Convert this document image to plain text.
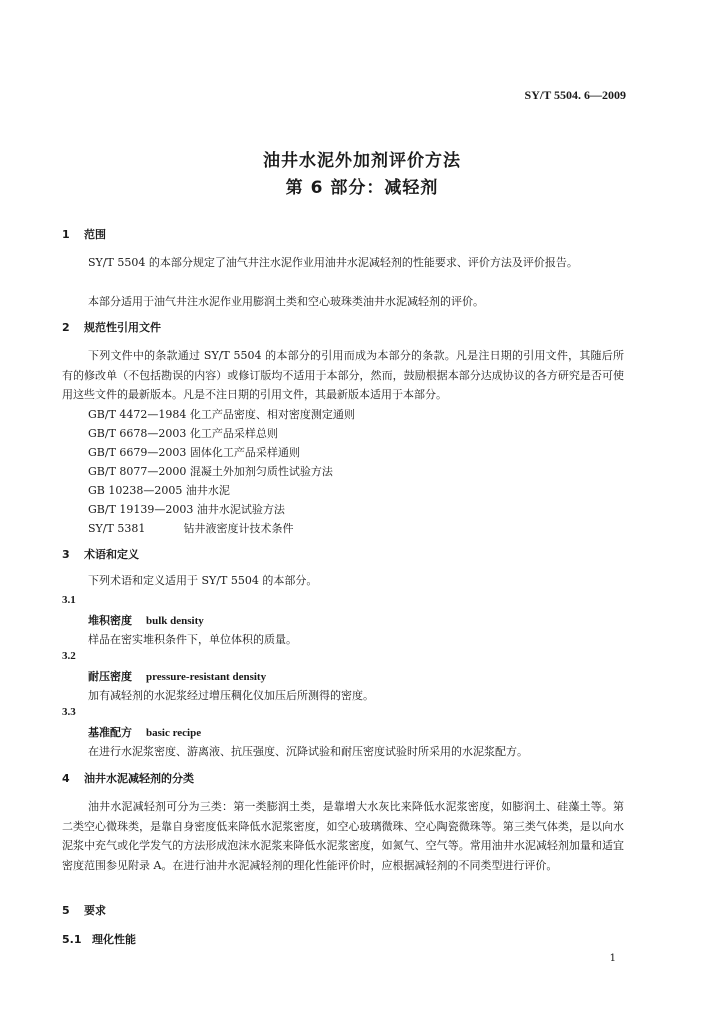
SY/T 5504. 6—2009
油井水泥外加剂评价方法
第 6 部分：减轻剂
1 范围

SY/T 5504 的本部分规定了油气井注水泥作业用油井水泥减轻剂的性能要求、评价方法及评价报告。

本部分适用于油气井注水泥作业用膨润土类和空心玻珠类油井水泥减轻剂的评价。

2 规范性引用文件

下列文件中的条款通过 SY/T 5504 的本部分的引用而成为本部分的条款。凡是注日期的引用文件，其随后所有的修改单（不包括勘误的内容）或修订版均不适用于本部分，然而，鼓励根据本部分达成协议的各方研究是否可使用这些文件的最新版本。凡是不注日期的引用文件，其最新版本适用于本部分。

GB/T 4472—1984 化工产品密度、相对密度测定通则
GB/T 6678—2003 化工产品采样总则
GB/T 6679—2003 固体化工产品采样通则
GB/T 8077—2000 混凝土外加剂匀质性试验方法
GB 10238—2005 油井水泥
GB/T 19139—2003 油井水泥试验方法
SY/T 5381	钻井液密度计技术条件
3 术语和定义

下列术语和定义适用于 SY/T 5504 的本部分。

3.1
堆积密度 bulk density
样品在密实堆积条件下，单位体积的质量。
3.2
耐压密度 pressure-resistant density
加有减轻剂的水泥浆经过增压稠化仪加压后所测得的密度。
3.3
基准配方 basic recipe
在进行水泥浆密度、游离液、抗压强度、沉降试验和耐压密度试验时所采用的水泥浆配方。
4 油井水泥减轻剂的分类

油井水泥减轻剂可分为三类：第一类膨润土类，是靠增大水灰比来降低水泥浆密度，如膨润土、硅藻土等。第二类空心微珠类，是靠自身密度低来降低水泥浆密度，如空心玻璃微珠、空心陶瓷微珠等。第三类气体类，是以向水泥浆中充气或化学发气的方法形成泡沫水泥浆来降低水泥浆密度，如氮气、空气等。常用油井水泥减轻剂加量和适宜密度范围参见附录 A。在进行油井水泥减轻剂的理化性能评价时，应根据减轻剂的不同类型进行评价。

5 要求
5.1 理化性能
1
